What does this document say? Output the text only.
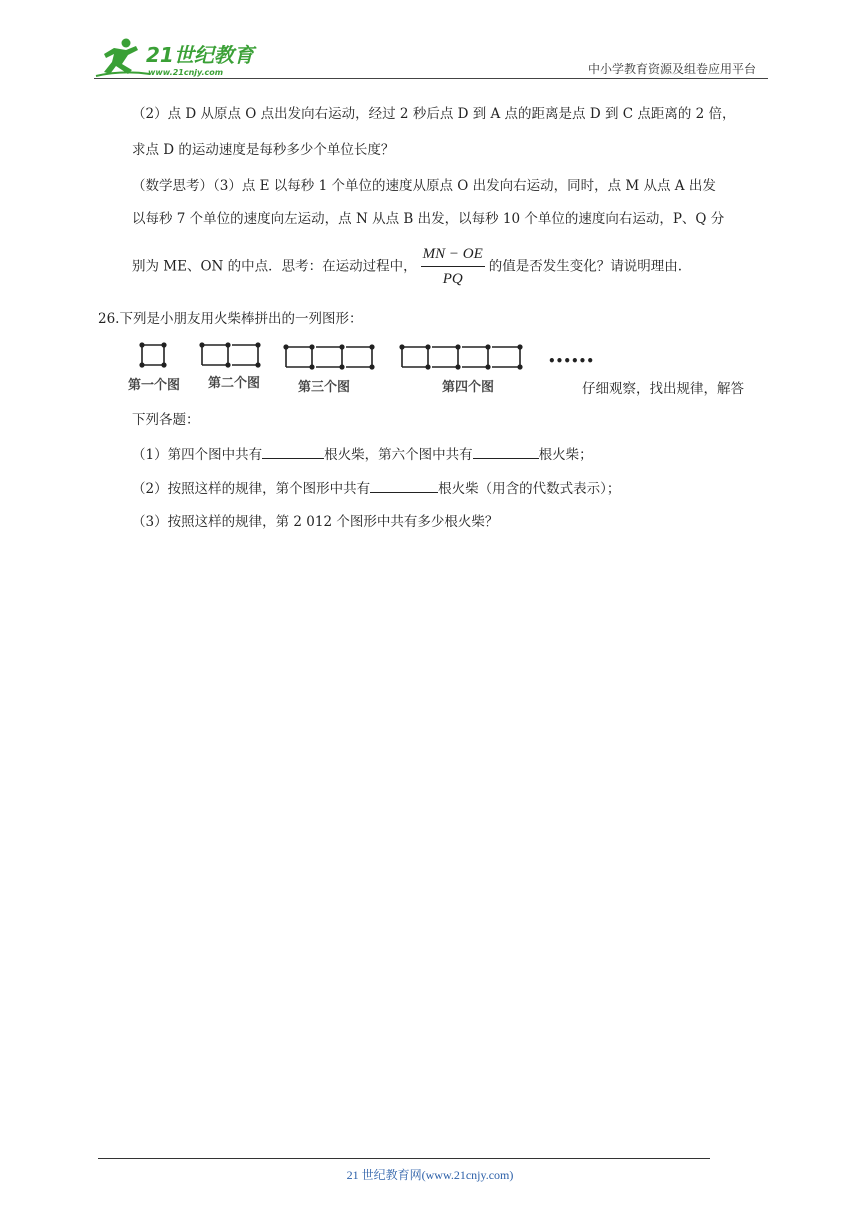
21世纪教育
www.21cnjy.com	中小学教育资源及组卷应用平台
（2）点 D 从原点 O 点出发向右运动，经过 2 秒后点 D 到 A 点的距离是点 D 到 C 点距离的 2 倍，
求点 D 的运动速度是每秒多少个单位长度？
（数学思考）（3）点 E 以每秒 1 个单位的速度从原点 O 出发向右运动，同时，点 M 从点 A 出发
以每秒 7 个单位的速度向左运动，点 N 从点 B 出发，以每秒 10 个单位的速度向右运动，P、Q 分
别为 ME、ON 的中点．思考：在运动过程中， $\frac{MN - OE}{PQ}$ 的值是否发生变化？请说明理由.
26.下列是小朋友用火柴棒拼出的一列图形：
••••••
第一个图 第二个图	第三个图	第四个图	仔细观察，找出规律，解答
下列各题：
（1）第四个图中共有	根火柴，第六个图中共有	根火柴；
（2）按照这样的规律，第个图形中共有	根火柴（用含的代数式表示）；
（3）按照这样的规律，第 2 012 个图形中共有多少根火柴？
21 世纪教育网(www.21cnjy.com)
